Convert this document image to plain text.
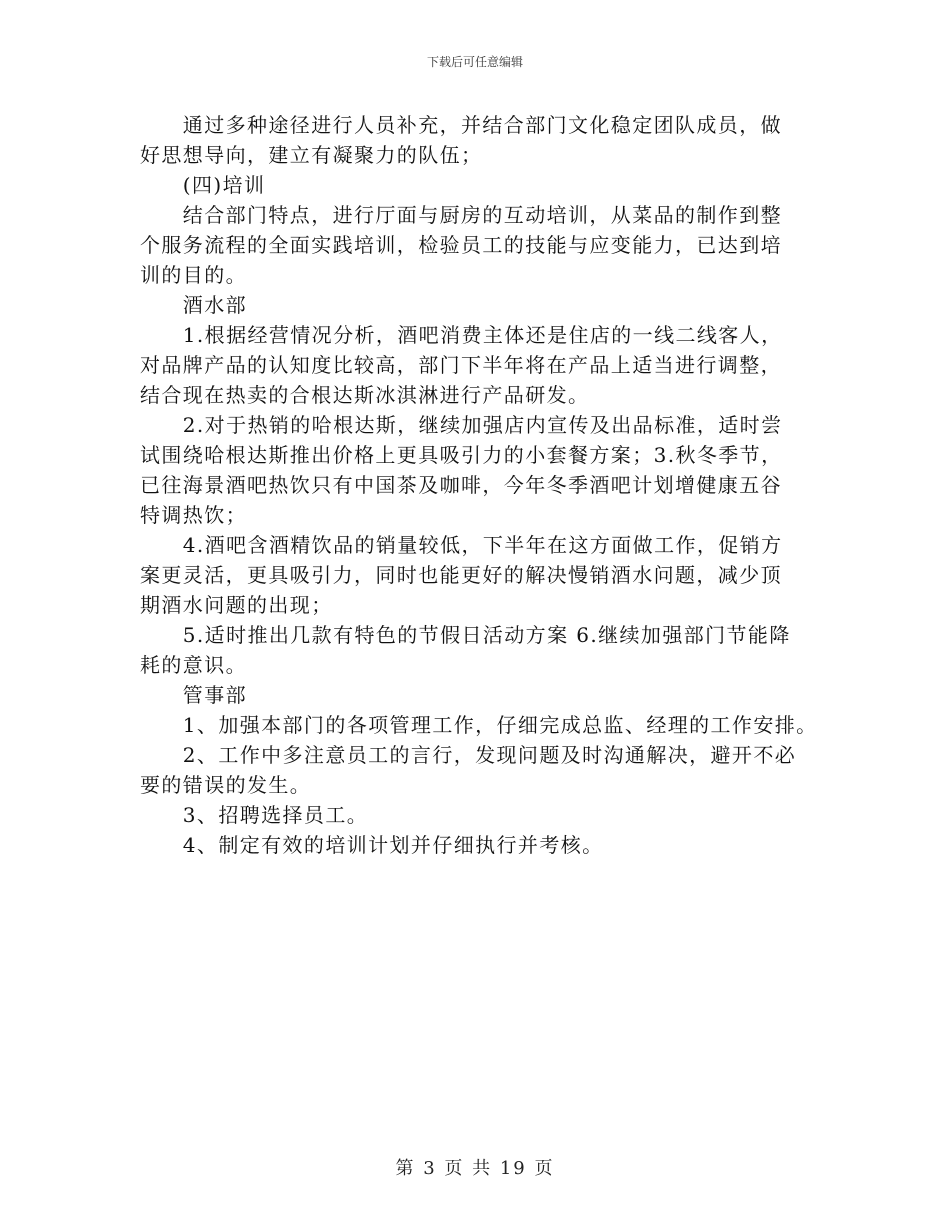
下载后可任意编辑
　　通过多种途径进行人员补充，并结合部门文化稳定团队成员，做
好思想导向，建立有凝聚力的队伍；
　　(四)培训
　　结合部门特点，进行厅面与厨房的互动培训，从菜品的制作到整
个服务流程的全面实践培训，检验员工的技能与应变能力，已达到培
训的目的。
　　酒水部
　　1.根据经营情况分析，酒吧消费主体还是住店的一线二线客人，
对品牌产品的认知度比较高，部门下半年将在产品上适当进行调整，
结合现在热卖的合根达斯冰淇淋进行产品研发。
　　2.对于热销的哈根达斯，继续加强店内宣传及出品标准，适时尝
试围绕哈根达斯推出价格上更具吸引力的小套餐方案；3.秋冬季节，
已往海景酒吧热饮只有中国茶及咖啡，今年冬季酒吧计划增健康五谷
特调热饮；
　　4.酒吧含酒精饮品的销量较低，下半年在这方面做工作，促销方
案更灵活，更具吸引力，同时也能更好的解决慢销酒水问题，减少顶
期酒水问题的出现；
　　5.适时推出几款有特色的节假日活动方案 6.继续加强部门节能降
耗的意识。
　　管事部
　　1、加强本部门的各项管理工作，仔细完成总监、经理的工作安排。
　　2、工作中多注意员工的言行，发现问题及时沟通解决，避开不必
要的错误的发生。
　　3、招聘选择员工。
　　4、制定有效的培训计划并仔细执行并考核。
第 3 页 共 19 页
